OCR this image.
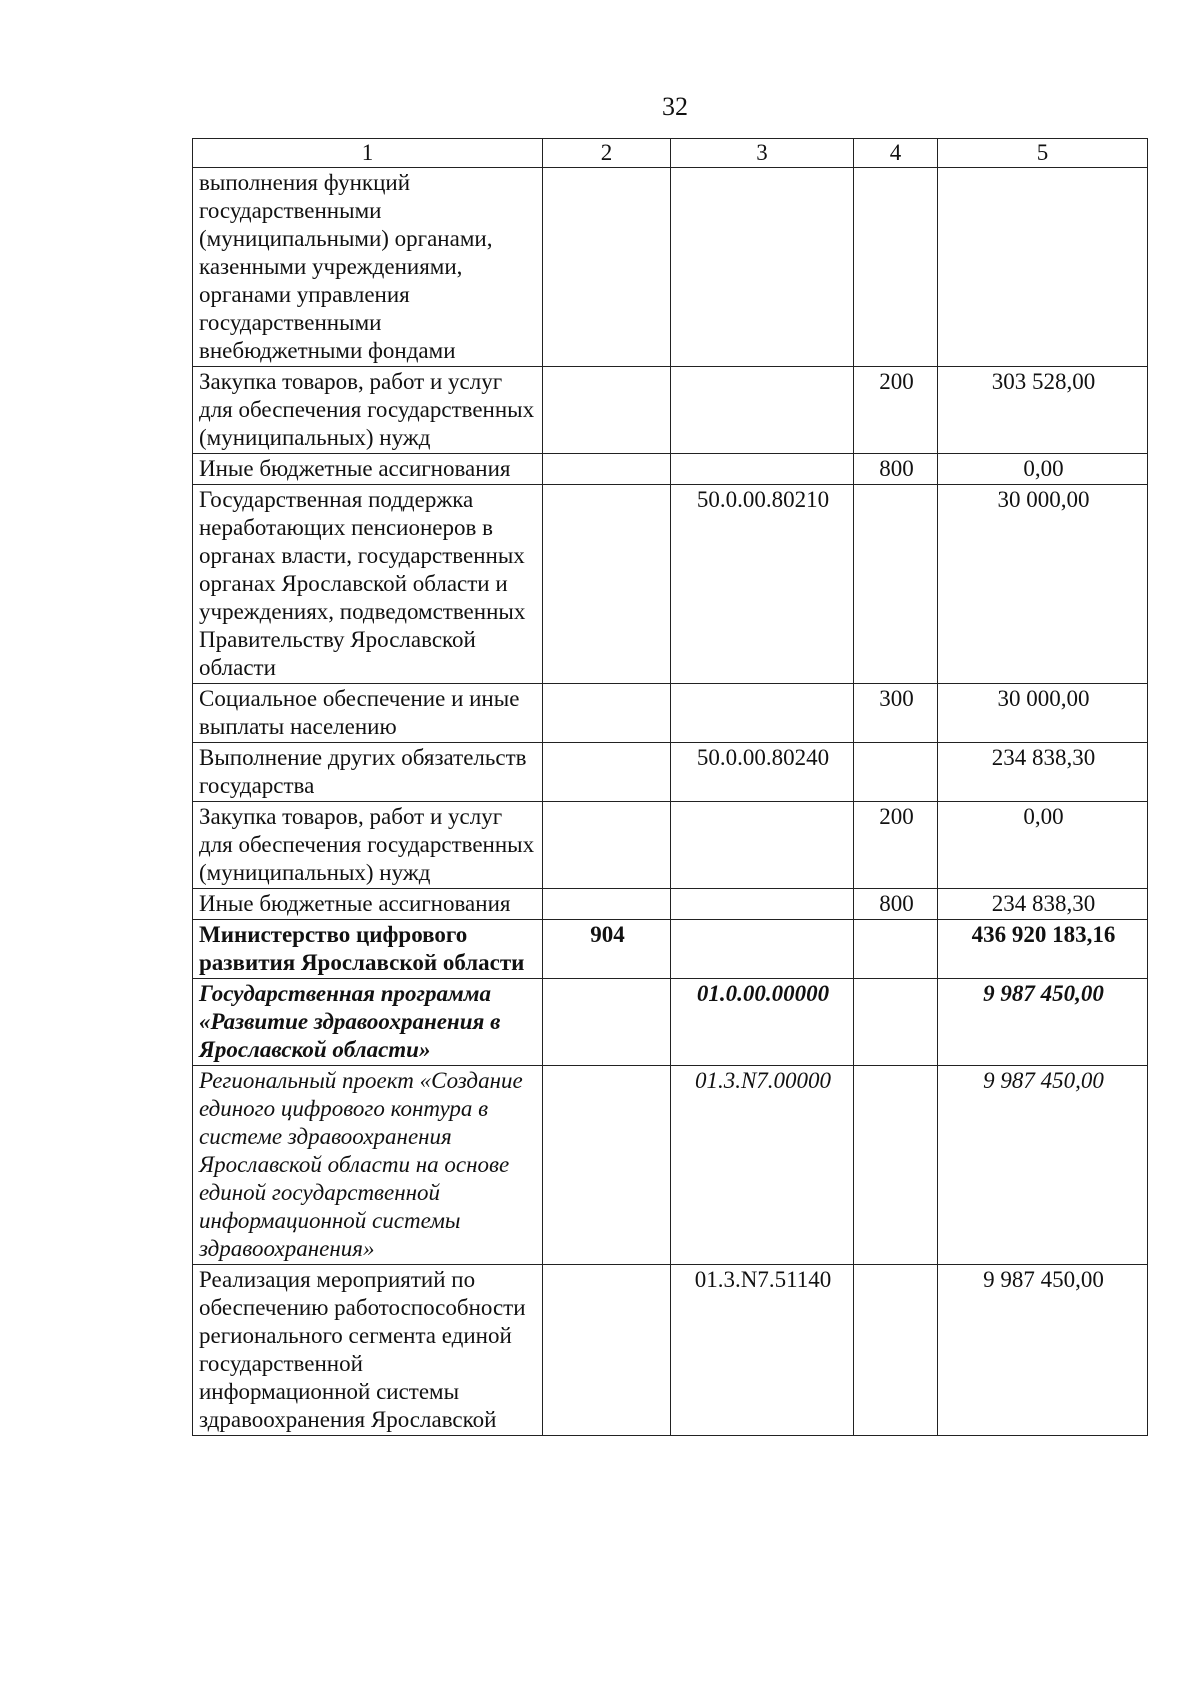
32
1	2	3	4	5
выполнения функций государственными (муниципальными) органами, казенными учреждениями, органами управления государственными внебюджетными фондами				
Закупка товаров, работ и услуг для обеспечения государственных (муниципальных) нужд			200	303 528,00
Иные бюджетные ассигнования			800	0,00
Государственная поддержка неработающих пенсионеров в органах власти, государственных органах Ярославской области и учреждениях, подведомственных Правительству Ярославской области		50.0.00.80210		30 000,00
Социальное обеспечение и иные выплаты населению			300	30 000,00
Выполнение других обязательств государства		50.0.00.80240		234 838,30
Закупка товаров, работ и услуг для обеспечения государственных (муниципальных) нужд			200	0,00
Иные бюджетные ассигнования			800	234 838,30
Министерство цифрового развития Ярославской области	904			436 920 183,16
Государственная программа «Развитие здравоохранения в Ярославской области»		01.0.00.00000		9 987 450,00
Региональный проект «Создание единого цифрового контура в системе здравоохранения Ярославской области на основе единой государственной информационной системы здравоохранения»		01.3.N7.00000		9 987 450,00
Реализация мероприятий по обеспечению работоспособности регионального сегмента единой государственной информационной системы здравоохранения Ярославской		01.3.N7.51140		9 987 450,00
